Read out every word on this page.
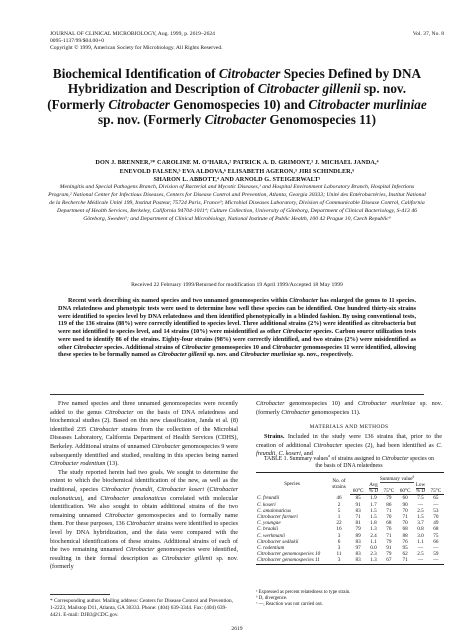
JOURNAL OF CLINICAL MICROBIOLOGY, Aug. 1999, p. 2619–2624
0095-1137/99/$04.00+0
Copyright © 1999, American Society for Microbiology. All Rights Reserved.
Vol. 37, No. 8
Biochemical Identification of Citrobacter Species Defined by DNA Hybridization and Description of Citrobacter gillenii sp. nov. (Formerly Citrobacter Genomospecies 10) and Citrobacter murliniae sp. nov. (Formerly Citrobacter Genomospecies 11)
DON J. BRENNER,¹* CAROLINE M. O’HARA,² PATRICK A. D. GRIMONT,³ J. MICHAEL JANDA,⁴
ENEVOLD FALSEN,⁵ EVA ALDOVA,⁶ ELISABETH AGERON,³ JIRI SCHINDLER,⁶
SHARON L. ABBOTT,⁴ AND ARNOLD G. STEIGERWALT¹
Meningitis and Special Pathogens Branch, Division of Bacterial and Mycotic Diseases,¹ and Hospital Environment Laboratory Branch, Hospital Infections Program,² National Center for Infectious Diseases, Centers for Disease Control and Prevention, Atlanta, Georgia 30333; Unité des Entérobactéries, Institut National de la Recherche Médicale Unité 199, Institut Pasteur, 75724 Paris, France³; Microbial Diseases Laboratory, Division of Communicable Disease Control, California Department of Health Services, Berkeley, California 94704-1011⁴; Culture Collection, University of Göteborg, Department of Clinical Bacteriology, S-413 46 Göteborg, Sweden⁵; and Department of Clinical Microbiology, National Institute of Public Health, 100 42 Prague 10, Czech Republic⁶
Received 22 February 1999/Returned for modification 19 April 1999/Accepted 18 May 1999
Recent work describing six named species and two unnamed genomospecies within Citrobacter has enlarged the genus to 11 species. DNA relatedness and phenotypic tests were used to determine how well these species can be identified. One hundred thirty-six strains were identified to species level by DNA relatedness and then identified phenotypically in a blinded fashion. By using conventional tests, 119 of the 136 strains (88%) were correctly identified to species level. Three additional strains (2%) were identified as citrobacteria but were not identified to species level, and 14 strains (10%) were misidentified as other Citrobacter species. Carbon source utilization tests were used to identify 86 of the strains. Eighty-four strains (98%) were correctly identified, and two strains (2%) were misidentified as other Citrobacter species. Additional strains of Citrobacter genomospecies 10 and Citrobacter genomospecies 11 were identified, allowing these species to be formally named as Citrobacter gillenii sp. nov. and Citrobacter murliniae sp. nov., respectively.

Five named species and three unnamed genomospecies were recently added to the genus Citrobacter on the basis of DNA relatedness and biochemical studies (2). Based on this new classification, Janda et al. (8) identified 235 Citrobacter strains from the collection of the Microbial Diseases Laboratory, California Department of Health Services (CDHS), Berkeley. Additional strains of unnamed Citrobacter genomospecies 9 were subsequently identified and studied, resulting in this species being named Citrobacter rodentium (13).

The study reported herein had two goals. We sought to determine the extent to which the biochemical identification of the new, as well as the traditional, species Citrobacter freundii, Citrobacter koseri (Citrobacter malonaticus), and Citrobacter amalonaticus correlated with molecular identification. We also sought to obtain additional strains of the two remaining unnamed Citrobacter genomospecies and to formally name them. For these purposes, 136 Citrobacter strains were identified to species level by DNA hybridization, and the data were compared with the biochemical identifications of these strains. Additional strains of each of the two remaining unnamed Citrobacter genomospecies were identified, resulting in their formal description as Citrobacter gillenii sp. nov. (formerly

* Corresponding author. Mailing address: Centers for Disease Control and Prevention, 1-2223, Mailstop D11, Atlanta, GA 30333. Phone: (404) 639-3344. Fax: (404) 639-4421. E-mail: DJB3@CDC.gov.
Citrobacter genomospecies 10) and Citrobacter murliniae sp. nov. (formerly Citrobacter genomospecies 11).
MATERIALS AND METHODS
Strains. Included in the study were 136 strains that, prior to the creation of additional Citrobacter species (2), had been identified as C. freundii, C. koseri, and
TABLE 1. Summary values$^a$ of strains assigned to Citrobacter species on the basis of DNA relatedness
Species	No. of strains	Summary value$^a$
		Avg			Low		
		60°C	% D	75°C	60°C	% D	75°C
C. freundii	46	85	1.9	79	60	7.5	65
C. koseri	2	91	1.7	86	90	—	—
C. amalonaticus	5	83	1.5	71	70	2.5	53
Citrobacter farmeri	1	71	1.5	70	71	1.5	70
C. youngae	22	81	1.8	68	70	3.7	49
C. braakii	16	79	1.3	76	68	0.8	68
C. werkmanii	3	89	2.4	71	88	3.0	75
Citrobacter sedlakii	6	83	1.1	79	76	1.1	66
C. rodentium	3	97	0.0	91	95	—	—
Citrobacter genomospecies 10	11	83	2.3	79	62	2.5	59
Citrobacter genomospecies 11	3	83	1.3	67	71	—	—
ᵃ Expressed as percent relatedness to type strain.
ᵇ D, divergence.
ᶜ —, Reaction was not carried out.
2619
